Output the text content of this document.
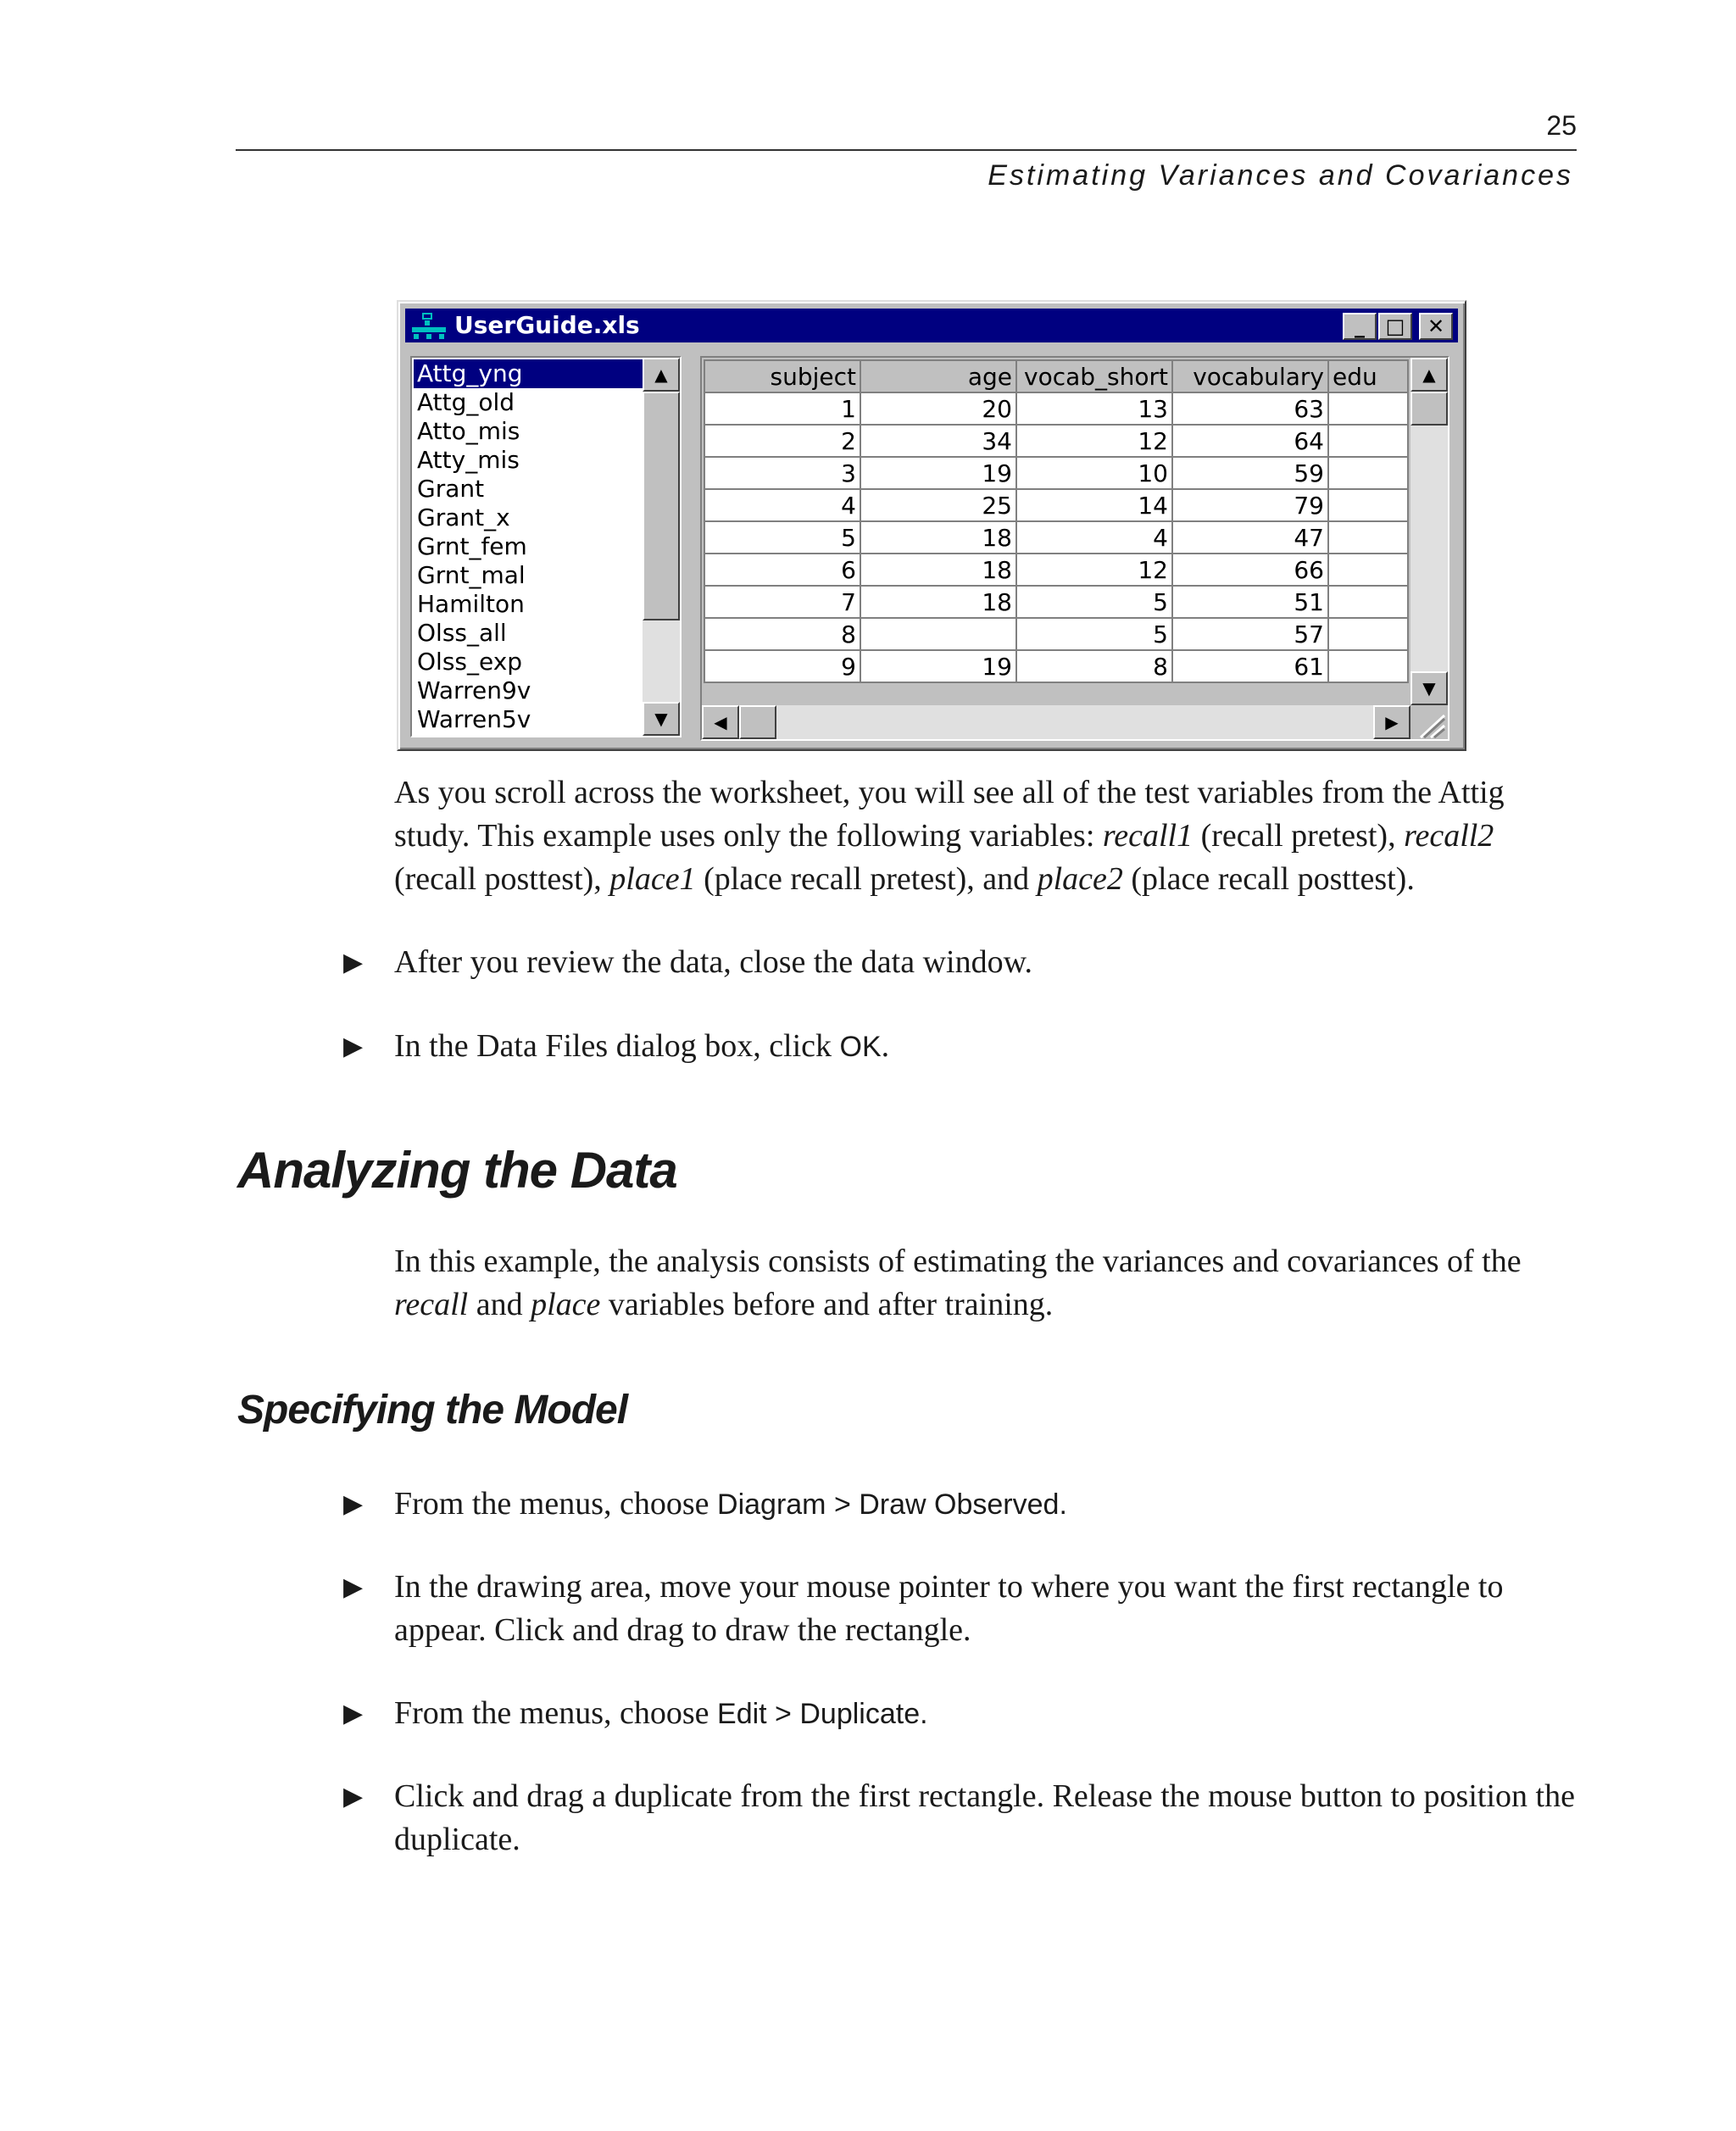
25
Estimating Variances and Covariances
UserGuide.xls	_	□	✕
Attg_yng
Attg_old
Atto_mis
Atty_mis
Grant
Grant_x
Grnt_fem
Grnt_mal
Hamilton
Olss_all
Olss_exp
Warren9v
Warren5v
▲
▼
subject	age	vocab_short	vocabulary	edu
1	20	13	63	
2	34	12	64	
3	19	10	59	
4	25	14	79	
5	18	4	47	
6	18	12	66	
7	18	5	51	
8		5	57	
9	19	8	61	
▲
▼
◀	▶
As you scroll across the worksheet, you will see all of the test variables from the Attig study. This example uses only the following variables: recall1 (recall pretest), recall2 (recall posttest), place1 (place recall pretest), and place2 (place recall posttest).
▶ After you review the data, close the data window.
▶ In the Data Files dialog box, click OK.
Analyzing the Data
In this example, the analysis consists of estimating the variances and covariances of the recall and place variables before and after training.
Specifying the Model
▶ From the menus, choose Diagram > Draw Observed.
▶ In the drawing area, move your mouse pointer to where you want the first rectangle to appear. Click and drag to draw the rectangle.
▶ From the menus, choose Edit > Duplicate.
▶ Click and drag a duplicate from the first rectangle. Release the mouse button to position the duplicate.
